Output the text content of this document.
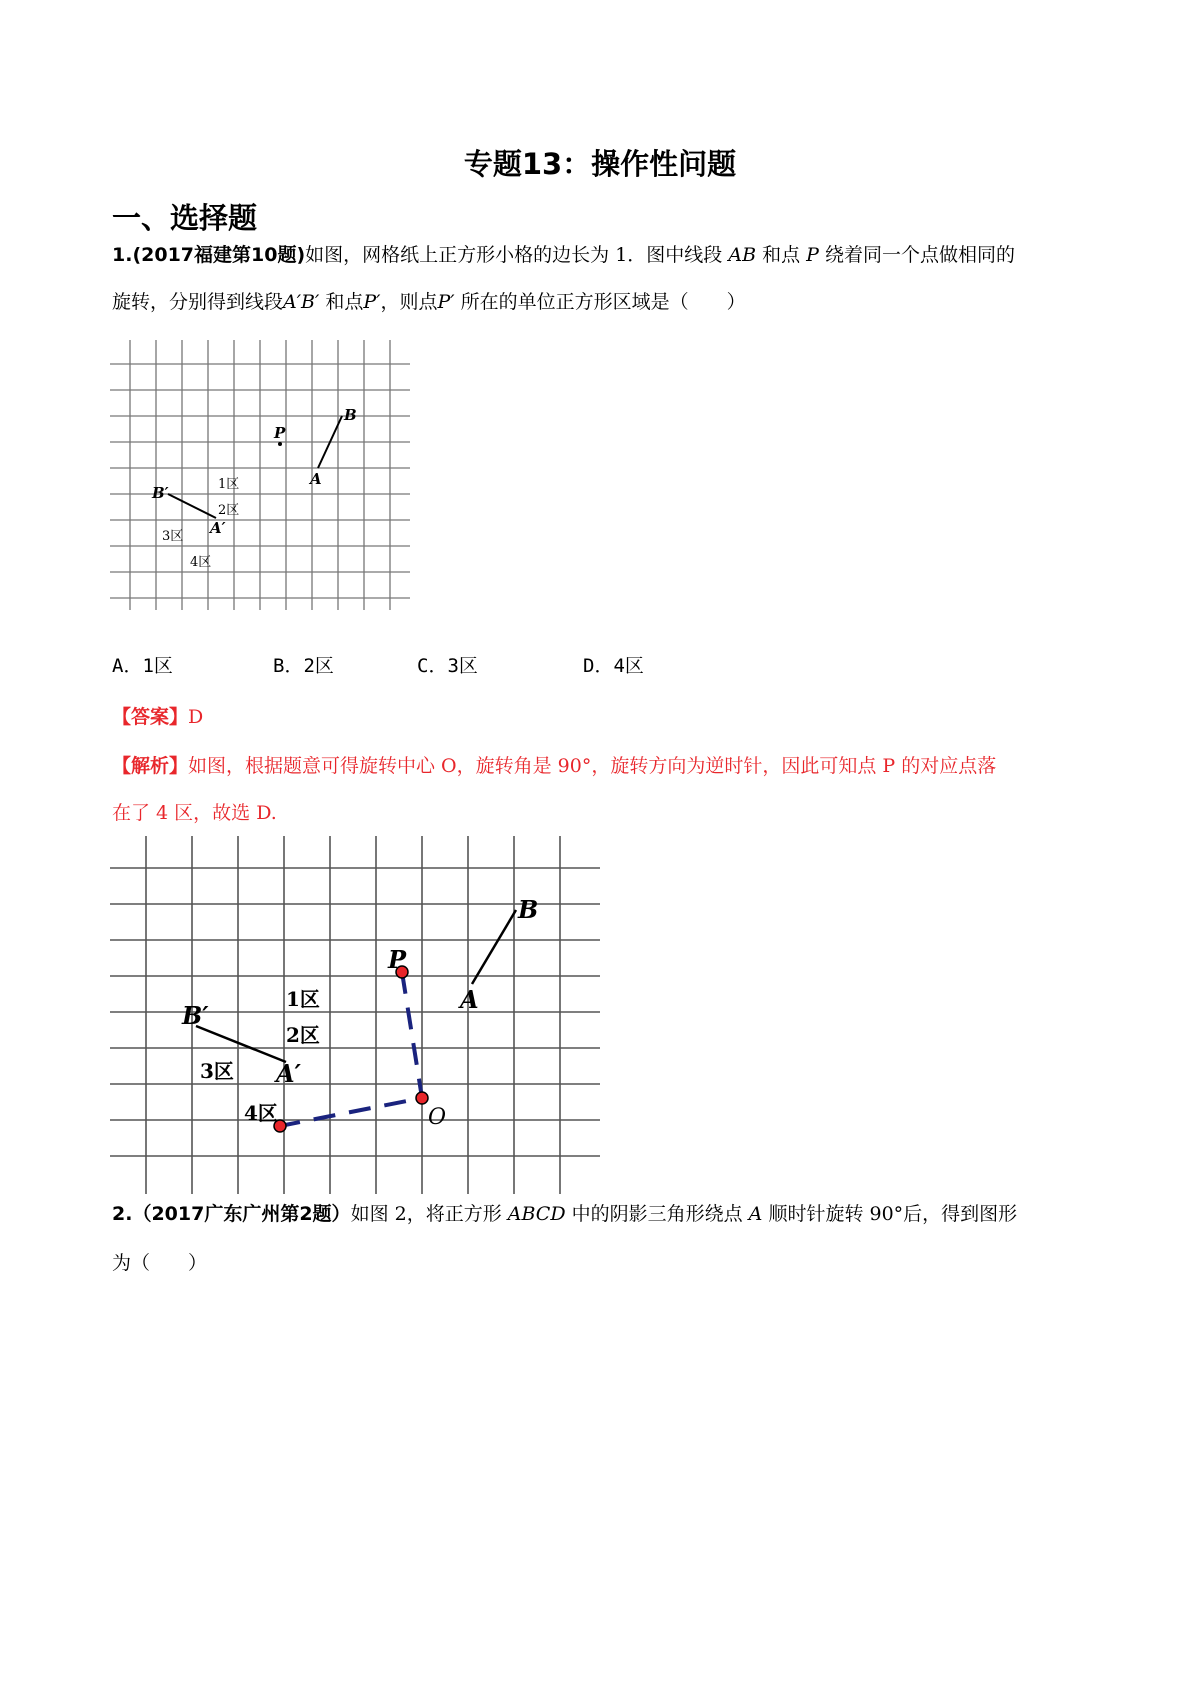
专题13：操作性问题
一、选择题
1.(2017福建第10题)如图，网格纸上正方形小格的边长为 1．图中线段 AB 和点 P 绕着同一个点做相同的
旋转，分别得到线段A′B′ 和点P′，则点P′ 所在的单位正方形区域是（　　）
B
A
P
B′
A′
1区
2区
3区
4区
A．1区	B．2区	C．3区	D．4区
【答案】D
【解析】如图，根据题意可得旋转中心 O，旋转角是 90°，旋转方向为逆时针，因此可知点 P 的对应点落
在了 4 区，故选 D.
B
A
P
B′
A′
O
1区
2区
3区
4区
2.（2017广东广州第2题）如图 2，将正方形 ABCD 中的阴影三角形绕点 A 顺时针旋转 90°后，得到图形
为（　　）
